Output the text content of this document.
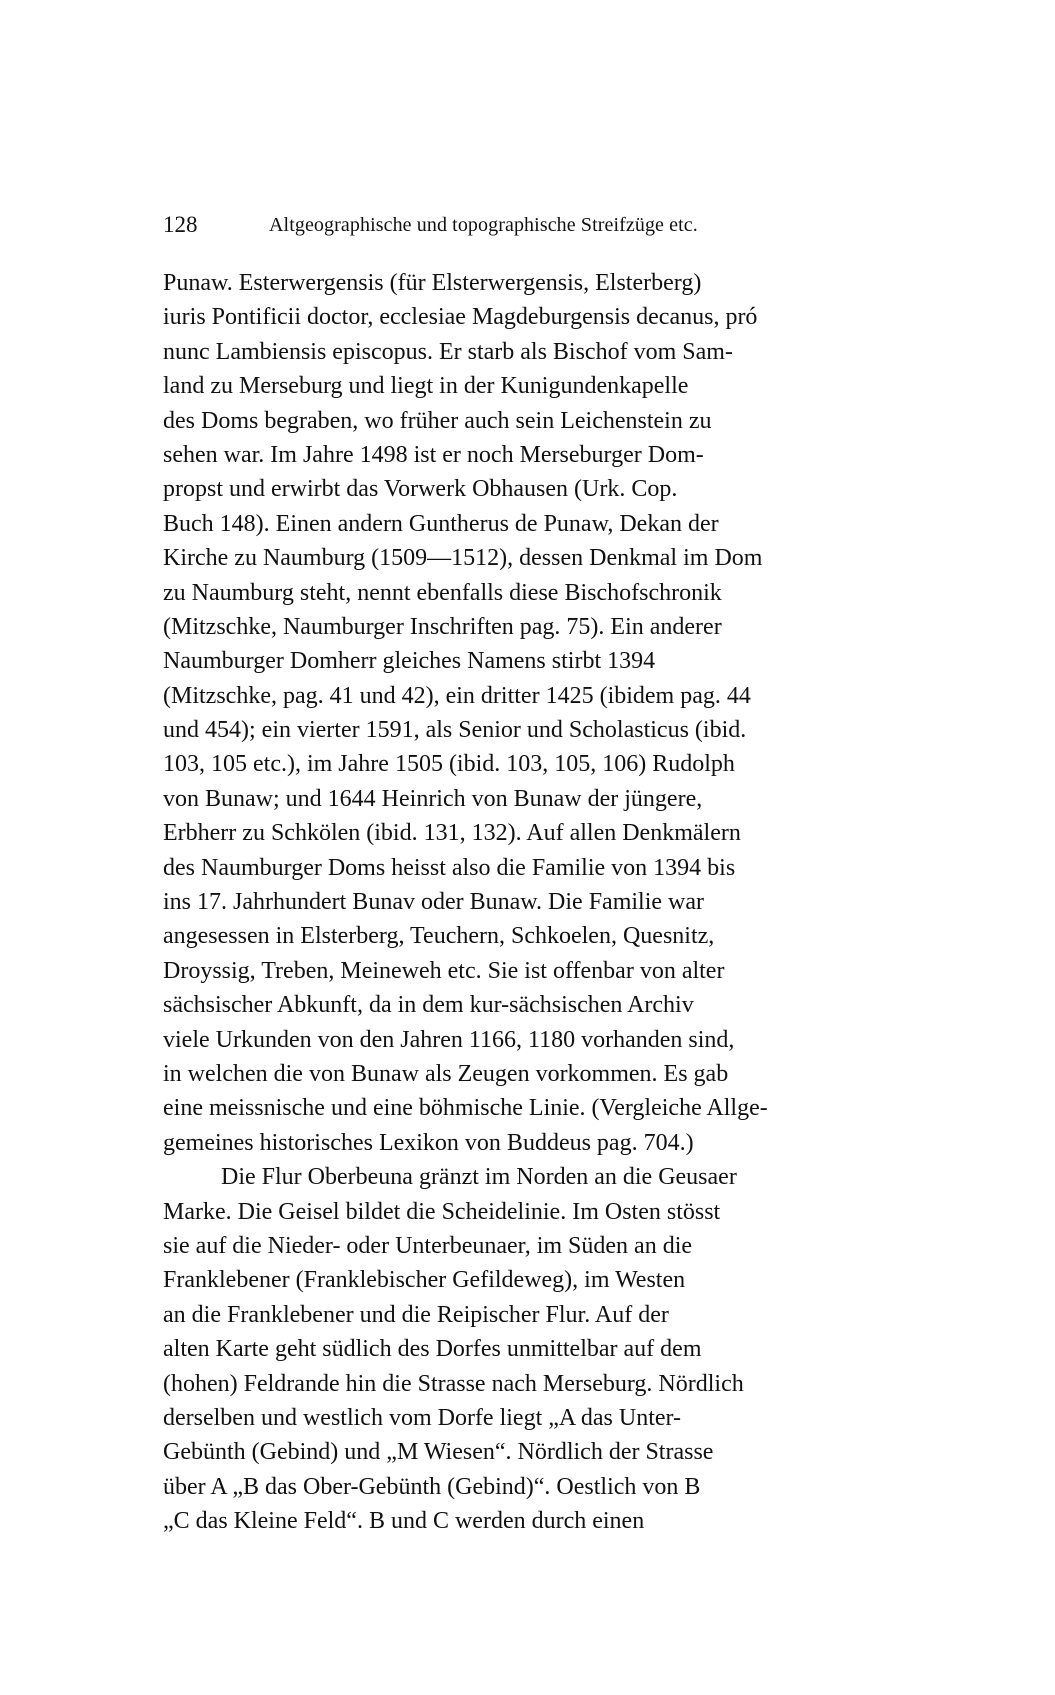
128	Altgeographische und topographische Streifzüge etc.
Punaw. Esterwergensis (für Elsterwergensis, Elsterberg)
iuris Pontificii doctor, ecclesiae Magdeburgensis decanus, pró
nunc Lambiensis episcopus. Er starb als Bischof vom Sam-
land zu Merseburg und liegt in der Kunigundenkapelle
des Doms begraben, wo früher auch sein Leichenstein zu
sehen war. Im Jahre 1498 ist er noch Merseburger Dom-
propst und erwirbt das Vorwerk Obhausen (Urk. Cop.
Buch 148). Einen andern Guntherus de Punaw, Dekan der
Kirche zu Naumburg (1509—1512), dessen Denkmal im Dom
zu Naumburg steht, nennt ebenfalls diese Bischofschronik
(Mitzschke, Naumburger Inschriften pag. 75). Ein anderer
Naumburger Domherr gleiches Namens stirbt 1394
(Mitzschke, pag. 41 und 42), ein dritter 1425 (ibidem pag. 44
und 454); ein vierter 1591, als Senior und Scholasticus (ibid.
103, 105 etc.), im Jahre 1505 (ibid. 103, 105, 106) Rudolph
von Bunaw; und 1644 Heinrich von Bunaw der jüngere,
Erbherr zu Schkölen (ibid. 131, 132). Auf allen Denkmälern
des Naumburger Doms heisst also die Familie von 1394 bis
ins 17. Jahrhundert Bunav oder Bunaw. Die Familie war
angesessen in Elsterberg, Teuchern, Schkoelen, Quesnitz,
Droyssig, Treben, Meineweh etc. Sie ist offenbar von alter
sächsischer Abkunft, da in dem kur-sächsischen Archiv
viele Urkunden von den Jahren 1166, 1180 vorhanden sind,
in welchen die von Bunaw als Zeugen vorkommen. Es gab
eine meissnische und eine böhmische Linie. (Vergleiche Allge-
gemeines historisches Lexikon von Buddeus pag. 704.)
Die Flur Oberbeuna gränzt im Norden an die Geusaer
Marke. Die Geisel bildet die Scheidelinie. Im Osten stösst
sie auf die Nieder- oder Unterbeunaer, im Süden an die
Franklebener (Franklebischer Gefildeweg), im Westen
an die Franklebener und die Reipischer Flur. Auf der
alten Karte geht südlich des Dorfes unmittelbar auf dem
(hohen) Feldrande hin die Strasse nach Merseburg. Nördlich
derselben und westlich vom Dorfe liegt „A das Unter-
Gebünth (Gebind) und „M Wiesen“. Nördlich der Strasse
über A „B das Ober-Gebünth (Gebind)“. Oestlich von B
„C das Kleine Feld“. B und C werden durch einen
